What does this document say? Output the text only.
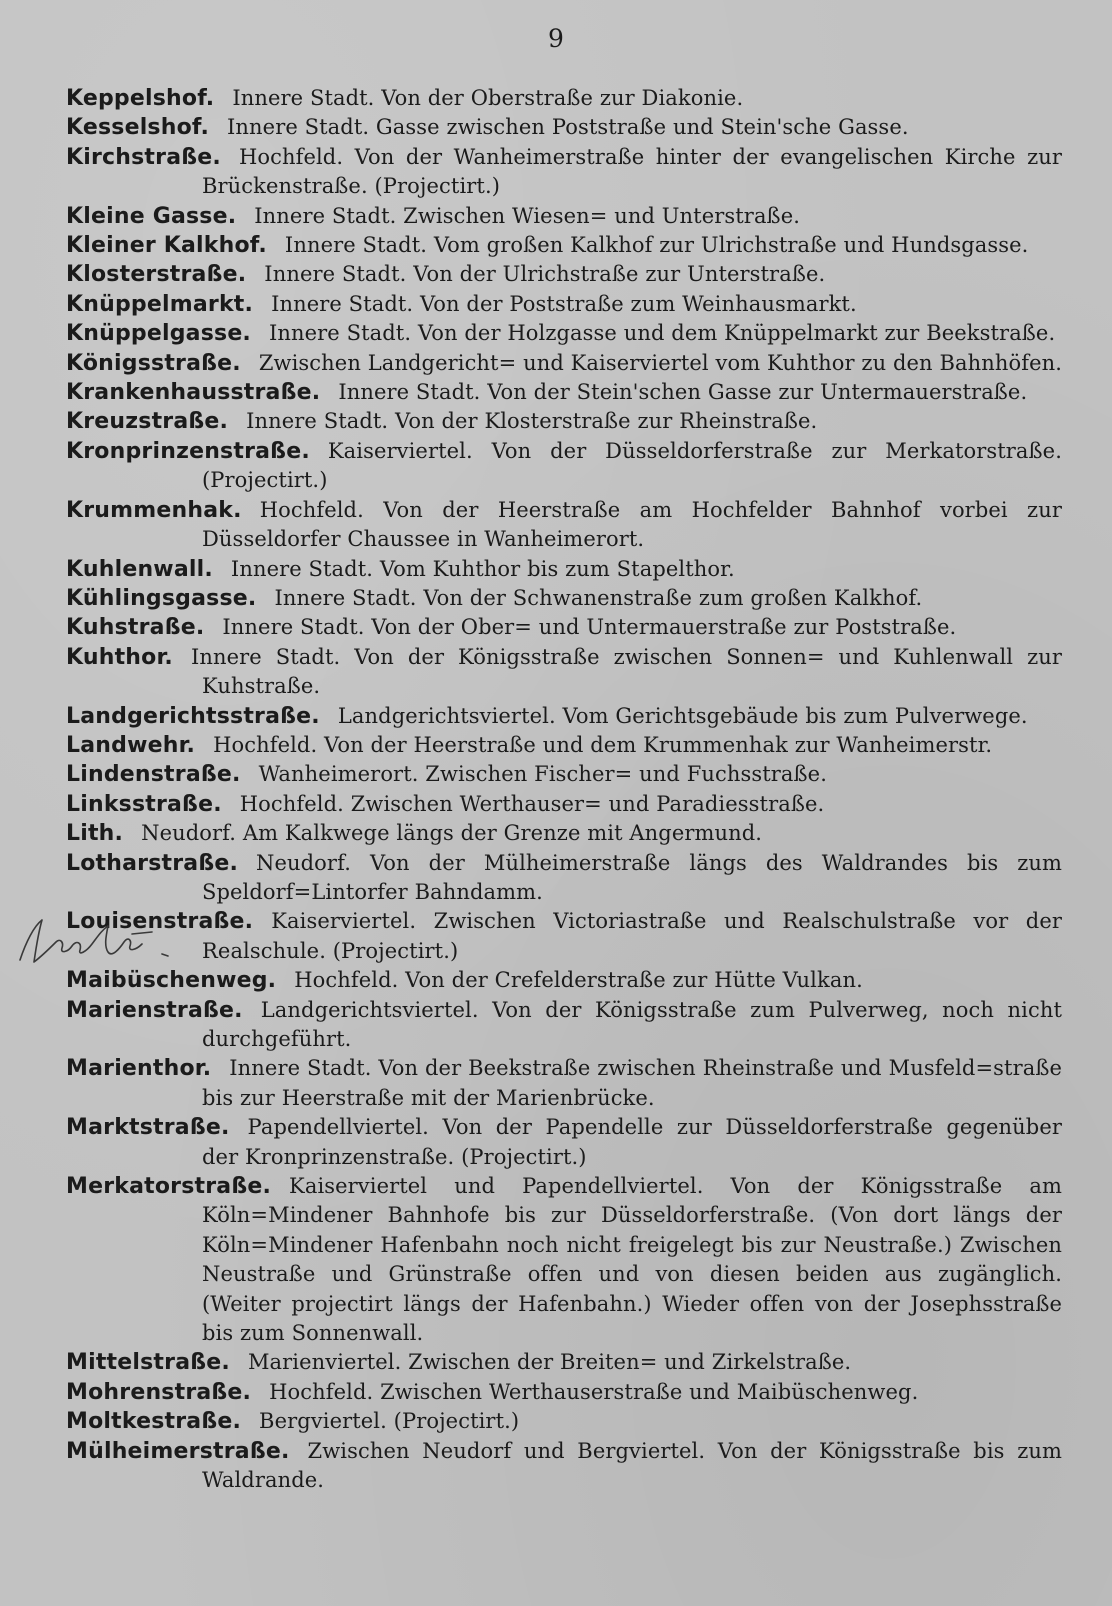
9
Keppelshof. Innere Stadt. Von der Oberstraße zur Diakonie.
Kesselshof. Innere Stadt. Gasse zwischen Poststraße und Stein'sche Gasse.
Kirchstraße. Hochfeld. Von der Wanheimerstraße hinter der evangelischen Kirche zur Brückenstraße. (Projectirt.)
Kleine Gasse. Innere Stadt. Zwischen Wiesen= und Unterstraße.
Kleiner Kalkhof. Innere Stadt. Vom großen Kalkhof zur Ulrichstraße und Hundsgasse.
Klosterstraße. Innere Stadt. Von der Ulrichstraße zur Unterstraße.
Knüppelmarkt. Innere Stadt. Von der Poststraße zum Weinhausmarkt.
Knüppelgasse. Innere Stadt. Von der Holzgasse und dem Knüppelmarkt zur Beekstraße.
Königsstraße. Zwischen Landgericht= und Kaiserviertel vom Kuhthor zu den Bahnhöfen.
Krankenhausstraße. Innere Stadt. Von der Stein'schen Gasse zur Untermauerstraße.
Kreuzstraße. Innere Stadt. Von der Klosterstraße zur Rheinstraße.
Kronprinzenstraße. Kaiserviertel. Von der Düsseldorferstraße zur Merkatorstraße. (Projectirt.)
Krummenhak. Hochfeld. Von der Heerstraße am Hochfelder Bahnhof vorbei zur Düsseldorfer Chaussee in Wanheimerort.
Kuhlenwall. Innere Stadt. Vom Kuhthor bis zum Stapelthor.
Kühlingsgasse. Innere Stadt. Von der Schwanenstraße zum großen Kalkhof.
Kuhstraße. Innere Stadt. Von der Ober= und Untermauerstraße zur Poststraße.
Kuhthor. Innere Stadt. Von der Königsstraße zwischen Sonnen= und Kuhlenwall zur Kuhstraße.
Landgerichtsstraße. Landgerichtsviertel. Vom Gerichtsgebäude bis zum Pulverwege.
Landwehr. Hochfeld. Von der Heerstraße und dem Krummenhak zur Wanheimerstr.
Lindenstraße. Wanheimerort. Zwischen Fischer= und Fuchsstraße.
Linksstraße. Hochfeld. Zwischen Werthauser= und Paradiesstraße.
Lith. Neudorf. Am Kalkwege längs der Grenze mit Angermund.
Lotharstraße. Neudorf. Von der Mülheimerstraße längs des Waldrandes bis zum Speldorf=Lintorfer Bahndamm.
Louisenstraße. Kaiserviertel. Zwischen Victoriastraße und Realschulstraße vor der Realschule. (Projectirt.)
Maibüschenweg. Hochfeld. Von der Crefelderstraße zur Hütte Vulkan.
Marienstraße. Landgerichtsviertel. Von der Königsstraße zum Pulverweg, noch nicht durchgeführt.
Marienthor. Innere Stadt. Von der Beekstraße zwischen Rheinstraße und Musfeld=straße bis zur Heerstraße mit der Marienbrücke.
Marktstraße. Papendellviertel. Von der Papendelle zur Düsseldorferstraße gegenüber der Kronprinzenstraße. (Projectirt.)
Merkatorstraße. Kaiserviertel und Papendellviertel. Von der Königsstraße am Köln=Mindener Bahnhofe bis zur Düsseldorferstraße. (Von dort längs der Köln=Mindener Hafenbahn noch nicht freigelegt bis zur Neustraße.) Zwischen Neustraße und Grünstraße offen und von diesen beiden aus zugänglich. (Weiter projectirt längs der Hafenbahn.) Wieder offen von der Josephsstraße bis zum Sonnenwall.
Mittelstraße. Marienviertel. Zwischen der Breiten= und Zirkelstraße.
Mohrenstraße. Hochfeld. Zwischen Werthauserstraße und Maibüschenweg.
Moltkestraße. Bergviertel. (Projectirt.)
Mülheimerstraße. Zwischen Neudorf und Bergviertel. Von der Königsstraße bis zum Waldrande.
